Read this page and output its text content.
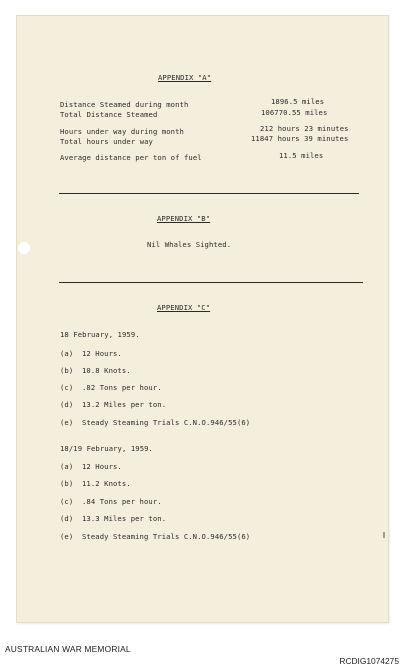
APPENDIX "A"
Distance Steamed during month	1896.5 miles
Total Distance Steamed	106770.55 miles
Hours under way during month	212 hours 23 minutes
Total hours under way	11847 hours 39 minutes
Average distance per ton of fuel	11.5 miles
APPENDIX "B"
Nil Whales Sighted.
APPENDIX "C"
18 February, 1959.
(a) 12 Hours.
(b) 10.8 Knots.
(c) .82 Tons per hour.
(d) 13.2 Miles per ton.
(e) Steady Steaming Trials C.N.O.946/55(6)
18/19 February, 1959.
(a) 12 Hours.
(b) 11.2 Knots.
(c) .84 Tons per hour.
(d) 13.3 Miles per ton.
(e) Steady Steaming Trials C.N.O.946/55(6)
AUSTRALIAN WAR MEMORIAL
RCDIG1074275
